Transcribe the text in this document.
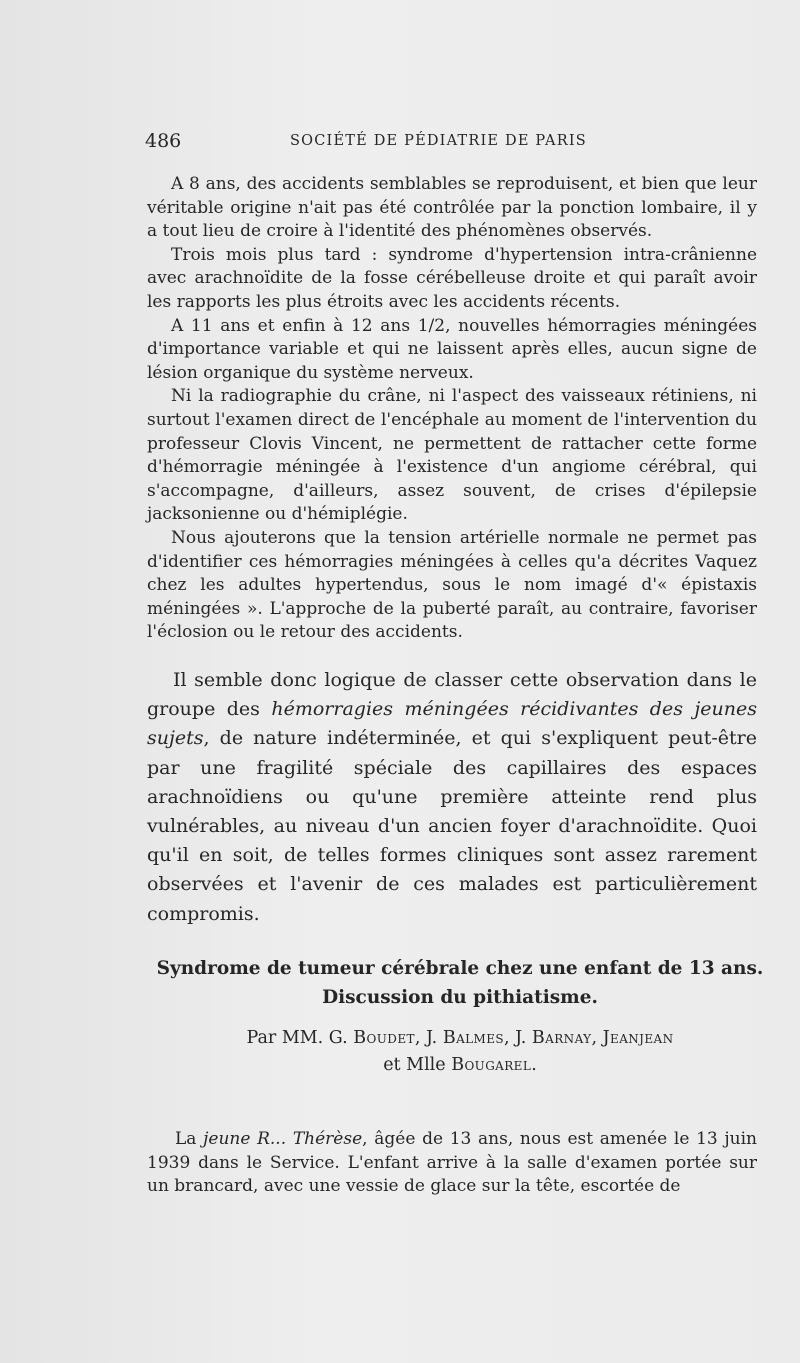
486	SOCIÉTÉ DE PÉDIATRIE DE PARIS

A 8 ans, des accidents semblables se reproduisent, et bien que leur véritable origine n'ait pas été contrôlée par la ponction lombaire, il y a tout lieu de croire à l'identité des phénomènes observés.

Trois mois plus tard : syndrome d'hypertension intra-crânienne avec arachnoïdite de la fosse cérébelleuse droite et qui paraît avoir les rapports les plus étroits avec les accidents récents.

A 11 ans et enfin à 12 ans 1/2, nouvelles hémorragies méningées d'importance variable et qui ne laissent après elles, aucun signe de lésion organique du système nerveux.

Ni la radiographie du crâne, ni l'aspect des vaisseaux rétiniens, ni surtout l'examen direct de l'encéphale au moment de l'intervention du professeur Clovis Vincent, ne permettent de rattacher cette forme d'hémorragie méningée à l'existence d'un angiome cérébral, qui s'accompagne, d'ailleurs, assez souvent, de crises d'épilepsie jacksonienne ou d'hémiplégie.

Nous ajouterons que la tension artérielle normale ne permet pas d'identifier ces hémorragies méningées à celles qu'a décrites Vaquez chez les adultes hypertendus, sous le nom imagé d'« épistaxis méningées ». L'approche de la puberté paraît, au contraire, favoriser l'éclosion ou le retour des accidents.

Il semble donc logique de classer cette observation dans le groupe des hémorragies méningées récidivantes des jeunes sujets, de nature indéterminée, et qui s'expliquent peut-être par une fragilité spéciale des capillaires des espaces arachnoïdiens ou qu'une première atteinte rend plus vulnérables, au niveau d'un ancien foyer d'arachnoïdite. Quoi qu'il en soit, de telles formes cliniques sont assez rarement observées et l'avenir de ces malades est particulièrement compromis.

Syndrome de tumeur cérébrale chez une enfant de 13 ans.
Discussion du pithiatisme.
Par MM. G. Boudet, J. Balmes, J. Barnay, Jeanjean
et Mlle Bougarel.

La jeune R... Thérèse, âgée de 13 ans, nous est amenée le 13 juin 1939 dans le Service. L'enfant arrive à la salle d'examen portée sur un brancard, avec une vessie de glace sur la tête, escortée de
